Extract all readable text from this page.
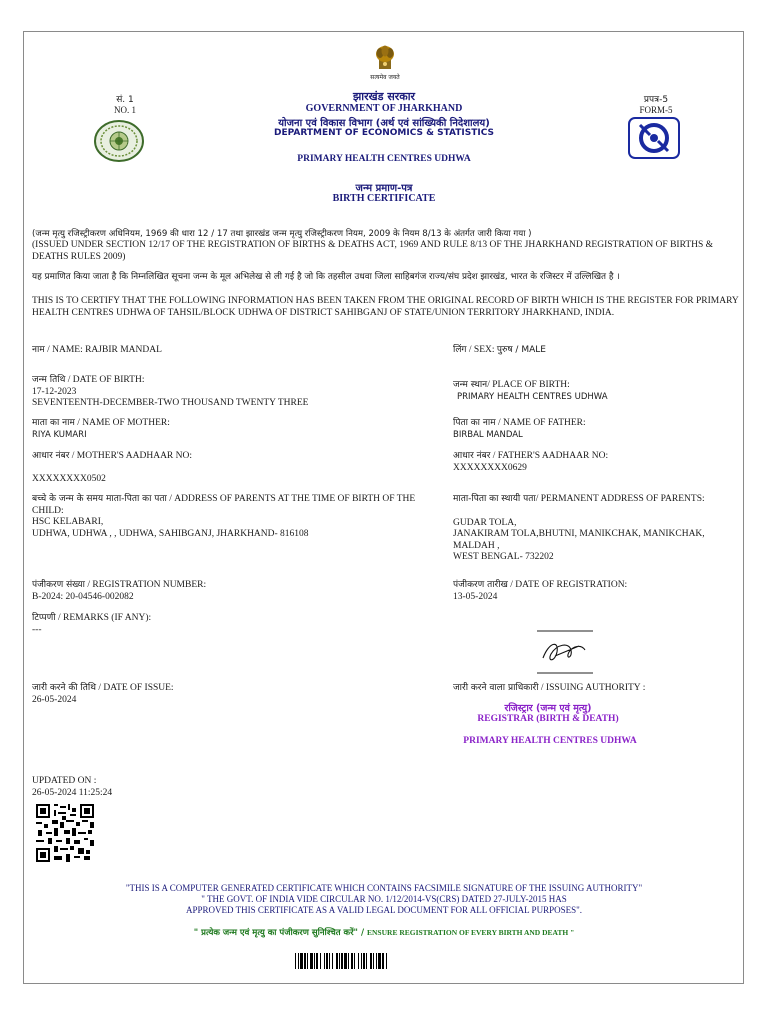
सत्यमेव जयते
सं. 1
NO. 1
प्रपत्र-5
FORM-5
झारखंड सरकार
GOVERNMENT OF JHARKHAND
योजना एवं विकास विभाग (अर्थ एवं सांख्यिकी निदेशालय)
DEPARTMENT OF ECONOMICS & STATISTICS
PRIMARY HEALTH CENTRES UDHWA
जन्म प्रमाण-पत्र
BIRTH CERTIFICATE
(जन्म मृत्यु रजिस्ट्रीकरण अधिनियम, 1969 की धारा 12 / 17 तथा झारखंड जन्म मृत्यु रजिस्ट्रीकरण नियम, 2009 के नियम 8/13 के अंतर्गत जारी किया गया )
(ISSUED UNDER SECTION 12/17 OF THE REGISTRATION OF BIRTHS & DEATHS ACT, 1969 AND RULE 8/13 OF THE JHARKHAND REGISTRATION OF BIRTHS & DEATHS RULES 2009)
यह प्रमाणित किया जाता है कि निम्नलिखित सूचना जन्म के मूल अभिलेख से ली गई है जो कि तहसील उधवा जिला साहिबगंज राज्य/संघ प्रदेश झारखंड, भारत के रजिस्टर में उल्लिखित है ।
THIS IS TO CERTIFY THAT THE FOLLOWING INFORMATION HAS BEEN TAKEN FROM THE ORIGINAL RECORD OF BIRTH WHICH IS THE REGISTER FOR PRIMARY HEALTH CENTRES UDHWA OF TAHSIL/BLOCK UDHWA OF DISTRICT SAHIBGANJ OF STATE/UNION TERRITORY JHARKHAND, INDIA.
नाम / NAME: RAJBIR MANDAL	लिंग / SEX: पुरुष / MALE
जन्म तिथि / DATE OF BIRTH:
17-12-2023
SEVENTEENTH-DECEMBER-TWO THOUSAND TWENTY THREE
जन्म स्थान/ PLACE OF BIRTH:
PRIMARY HEALTH CENTRES UDHWA
माता का नाम / NAME OF MOTHER:
RIYA KUMARI
पिता का नाम / NAME OF FATHER:
BIRBAL MANDAL
आधार नंबर / MOTHER'S AADHAAR NO:
XXXXXXXX0502
आधार नंबर / FATHER'S AADHAAR NO:
XXXXXXXX0629
बच्चे के जन्म के समय माता-पिता का पता / ADDRESS OF PARENTS AT THE TIME OF BIRTH OF THE CHILD:
HSC KELABARI,
UDHWA, UDHWA , , UDHWA, SAHIBGANJ, JHARKHAND- 816108
माता-पिता का स्थायी पता/ PERMANENT ADDRESS OF PARENTS:
GUDAR TOLA,
JANAKIRAM TOLA,BHUTNI, MANIKCHAK, MANIKCHAK,
MALDAH ,
WEST BENGAL- 732202
पंजीकरण संख्या / REGISTRATION NUMBER:
B-2024: 20-04546-002082
पंजीकरण तारीख / DATE OF REGISTRATION:
13-05-2024
टिप्पणी / REMARKS (IF ANY):
---
जारी करने की तिथि / DATE OF ISSUE:
26-05-2024
जारी करने वाला प्राधिकारी / ISSUING AUTHORITY :
रजिस्ट्रार (जन्म एवं मृत्यु)
REGISTRAR (BIRTH & DEATH)
PRIMARY HEALTH CENTRES UDHWA
UPDATED ON :
26-05-2024 11:25:24
"THIS IS A COMPUTER GENERATED CERTIFICATE WHICH CONTAINS FACSIMILE SIGNATURE OF THE ISSUING AUTHORITY"
" THE GOVT. OF INDIA VIDE CIRCULAR NO. 1/12/2014-VS(CRS) DATED 27-JULY-2015 HAS
APPROVED THIS CERTIFICATE AS A VALID LEGAL DOCUMENT FOR ALL OFFICIAL PURPOSES".
" प्रत्येक जन्म एवं मृत्यु का पंजीकरण सुनिश्चित करें" / ENSURE REGISTRATION OF EVERY BIRTH AND DEATH "
